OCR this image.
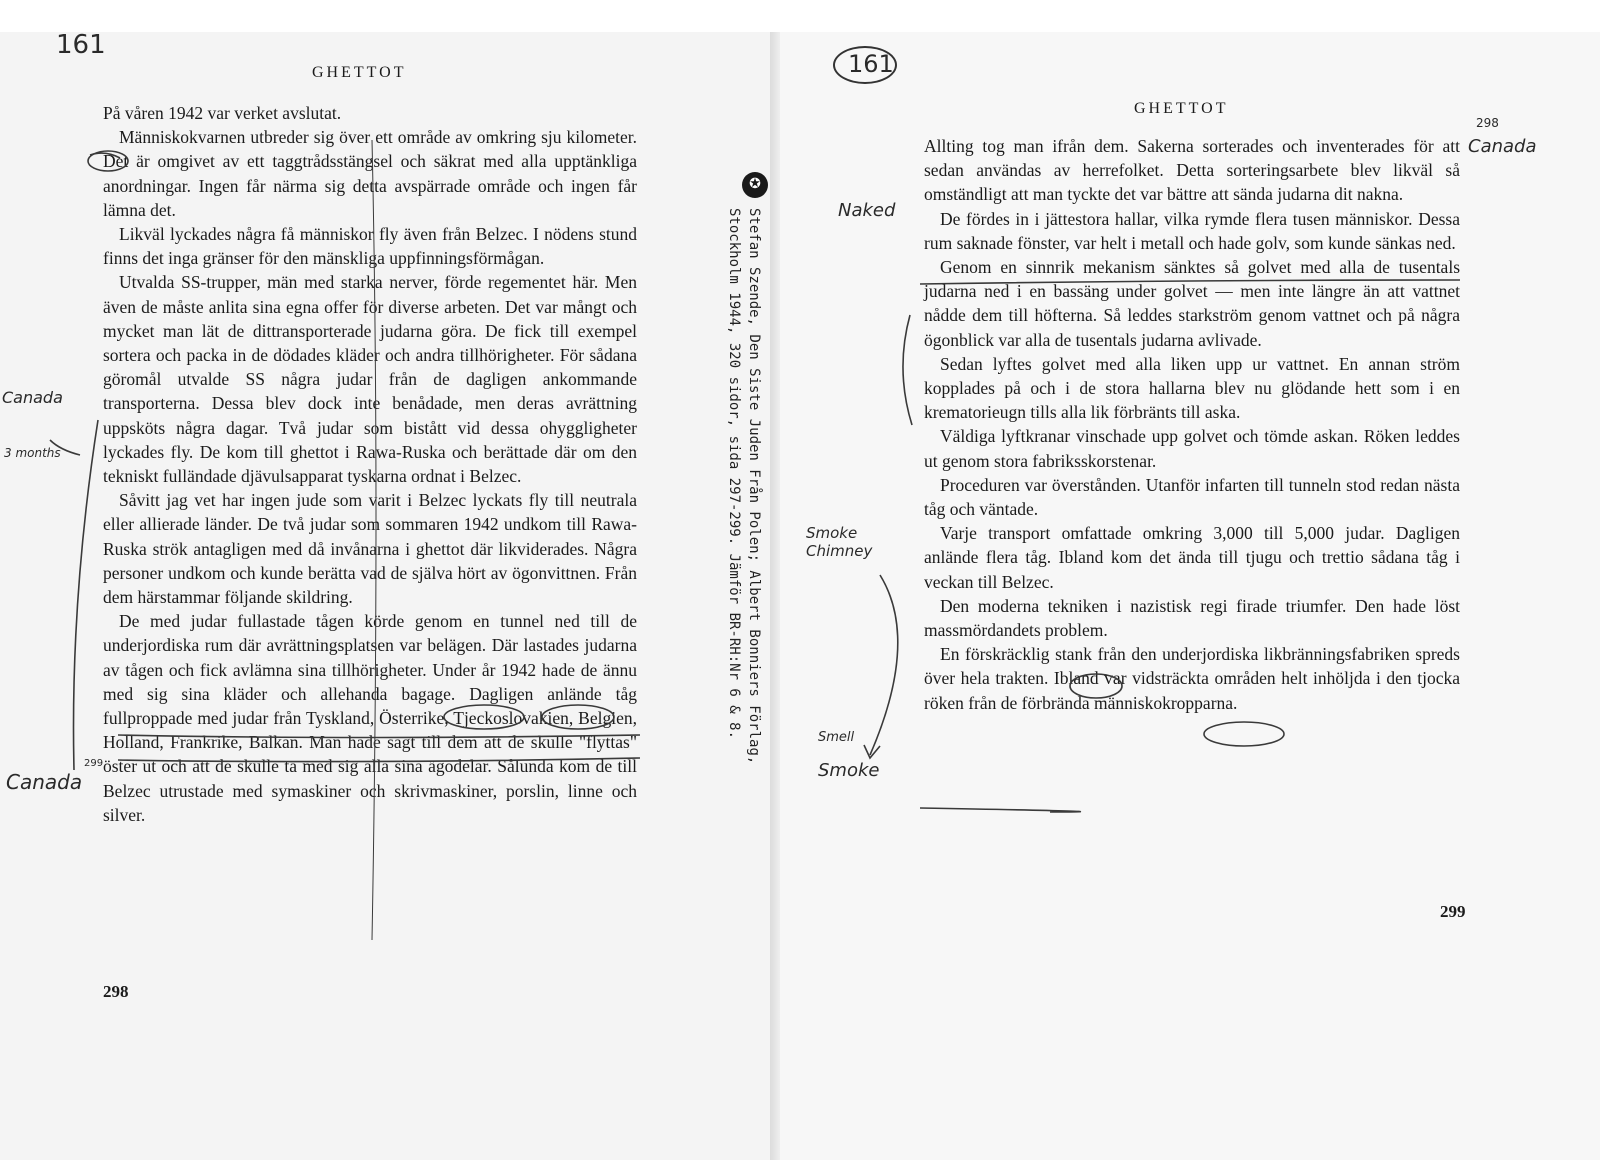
161
GHETTOT

På våren 1942 var verket avslutat.

Människokvarnen utbreder sig över ett område av omkring sju kilometer. Det är omgivet av ett taggtrådsstängsel och säkrat med alla upptänkliga anordningar. Ingen får närma sig detta avspärrade område och ingen får lämna det.

Likväl lyckades några få människor fly även från Belzec. I nödens stund finns det inga gränser för den mänskliga uppfinningsförmågan.

Utvalda SS-trupper, män med starka nerver, förde regementet här. Men även de måste anlita sina egna offer för diverse arbeten. Det var mångt och mycket man lät de dittransporterade judarna göra. De fick till exempel sortera och packa in de dödades kläder och andra tillhörigheter. För sådana göromål utvalde SS några judar från de dagligen ankommande transporterna. Dessa blev dock inte benådade, men deras avrättning uppsköts några dagar. Två judar som bistått vid dessa ohyggligheter lyckades fly. De kom till ghettot i Rawa-Ruska och berättade där om den tekniskt fulländade djävulsapparat tyskarna ordnat i Belzec.

Såvitt jag vet har ingen jude som varit i Belzec lyckats fly till neutrala eller allierade länder. De två judar som sommaren 1942 undkom till Rawa-Ruska strök antagligen med då invånarna i ghettot där likviderades. Några personer undkom och kunde berätta vad de själva hört av ögonvittnen. Från dem härstammar följande skildring.

De med judar fullastade tågen körde genom en tunnel ned till de underjordiska rum där avrättningsplatsen var belägen. Där lastades judarna av tågen och fick avlämna sina tillhörigheter. Under år 1942 hade de ännu med sig sina kläder och allehanda bagage. Dagligen anlände tåg fullproppade med judar från Tyskland, Österrike, Tjeckoslovakien, Belgien, Holland, Frankrike, Balkan. Man hade sagt till dem att de skulle "flyttas" öster ut och att de skulle ta med sig alla sina ägodelar. Sålunda kom de till Belzec utrustade med symaskiner och skrivmaskiner, porslin, linne och silver.

298
Canada
3 months
Canada
299
✪
Stefan Szende, Den Siste Juden Från Polen; Albert Bonniers Förlag,
Stockholm 1944, 320 sidor, sida 297-299. Jämför BR-RH:Nr 6 & 8.
161
GHETTOT

Allting tog man ifrån dem. Sakerna sorterades och inventerades för att sedan användas av herrefolket. Detta sorteringsarbete blev likväl så omständligt att man tyckte det var bättre att sända judarna dit nakna.

De fördes in i jättestora hallar, vilka rymde flera tusen människor. Dessa rum saknade fönster, var helt i metall och hade golv, som kunde sänkas ned.

Genom en sinnrik mekanism sänktes så golvet med alla de tusentals judarna ned i en bassäng under golvet — men inte längre än att vattnet nådde dem till höfterna. Så leddes starkström genom vattnet och på några ögonblick var alla de tusentals judarna avlivade.

Sedan lyftes golvet med alla liken upp ur vattnet. En annan ström kopplades på och i de stora hallarna blev nu glödande hett som i en krematorieugn tills alla lik förbränts till aska.

Väldiga lyftkranar vinschade upp golvet och tömde askan. Röken leddes ut genom stora fabriksskorstenar.

Proceduren var överstånden. Utanför infarten till tunneln stod redan nästa tåg och väntade.

Varje transport omfattade omkring 3,000 till 5,000 judar. Dagligen anlände flera tåg. Ibland kom det ända till tjugu och trettio sådana tåg i veckan till Belzec.

Den moderna tekniken i nazistisk regi firade triumfer. Den hade löst massmördandets problem.

En förskräcklig stank från den underjordiska likbränningsfabriken spreds över hela trakten. Ibland var vidsträckta områden helt inhöljda i den tjocka röken från de förbrända människokropparna.

299
Naked
298
Canada
Smoke Chimney
Smell
Smoke
